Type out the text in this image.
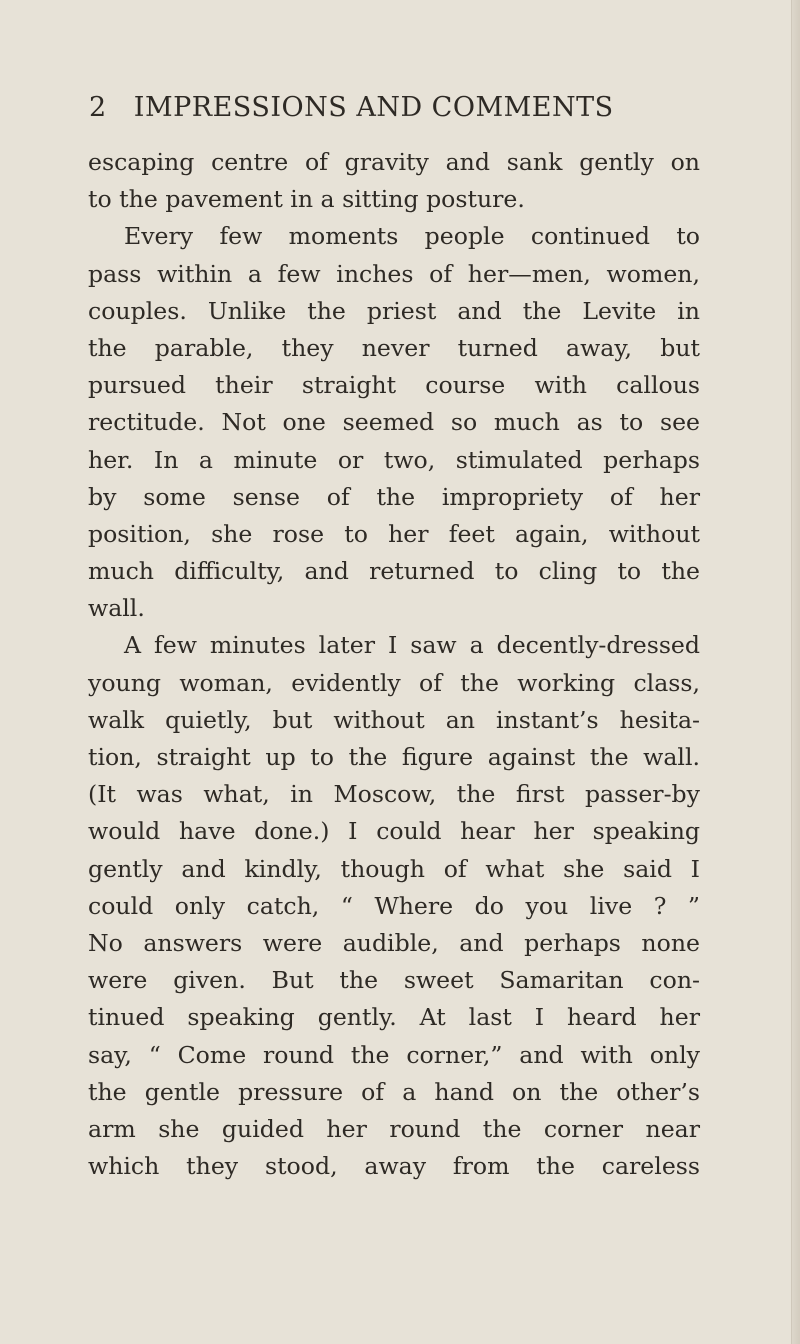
2 IMPRESSIONS AND COMMENTS
escaping centre of gravity and sank gently on
to the pavement in a sitting posture.
Every few moments people continued to
pass within a few inches of her—men, women,
couples. Unlike the priest and the Levite in
the parable, they never turned away, but
pursued their straight course with callous
rectitude. Not one seemed so much as to see
her. In a minute or two, stimulated perhaps
by some sense of the impropriety of her
position, she rose to her feet again, without
much difficulty, and returned to cling to the
wall.
A few minutes later I saw a decently-dressed
young woman, evidently of the working class,
walk quietly, but without an instant’s hesita-
tion, straight up to the figure against the wall.
(It was what, in Moscow, the first passer-by
would have done.) I could hear her speaking
gently and kindly, though of what she said I
could only catch, “ Where do you live ? ”
No answers were audible, and perhaps none
were given. But the sweet Samaritan con-
tinued speaking gently. At last I heard her
say, “ Come round the corner,” and with only
the gentle pressure of a hand on the other’s
arm she guided her round the corner near
which they stood, away from the careless
